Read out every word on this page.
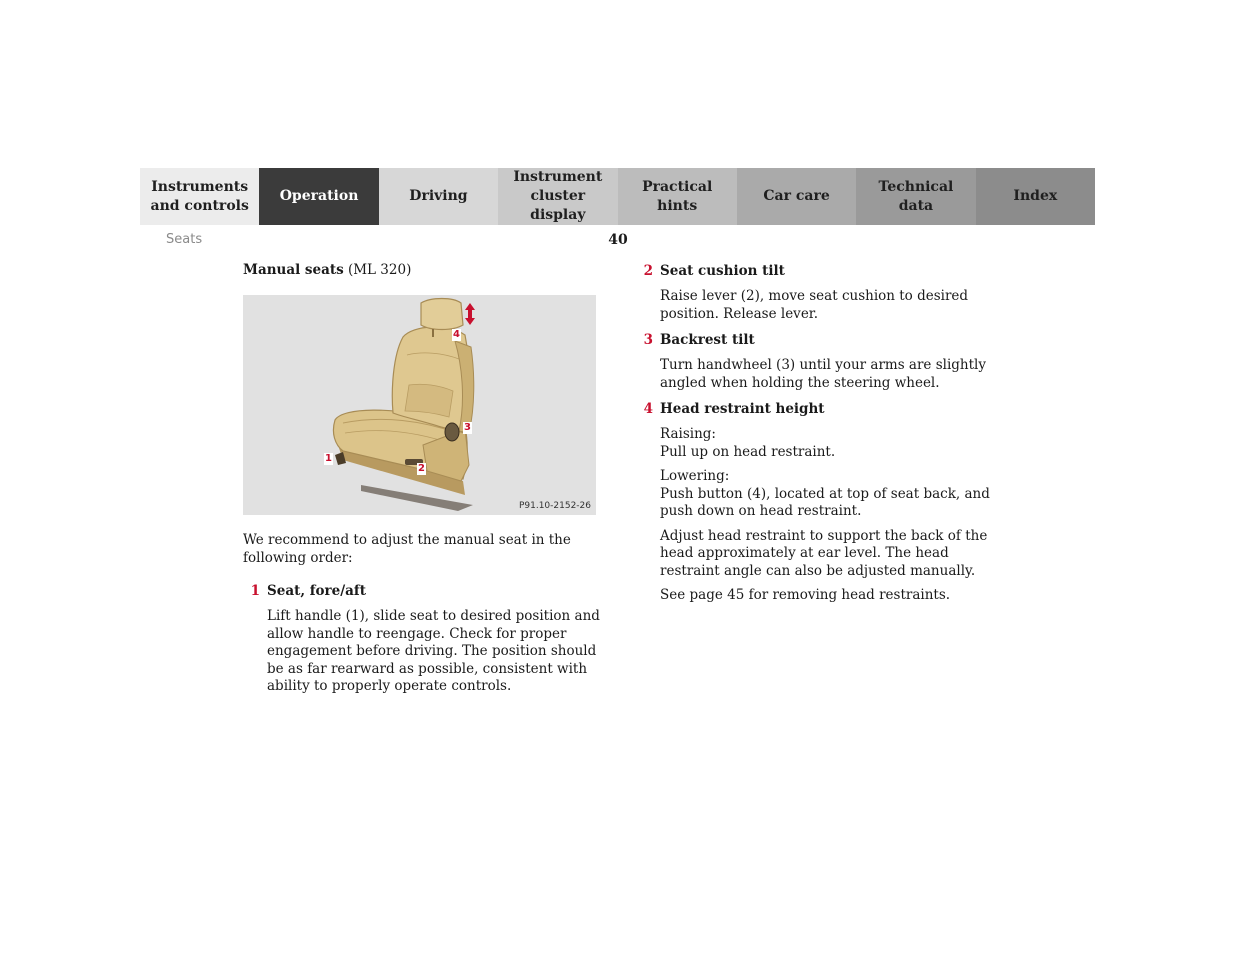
Instruments
and controls
Operation	Driving
Instrument
cluster display
Practical hints
Car care
Technical
data
Index
Seats	40
Manual seats (ML 320)
1
2
3
4
P91.10-2152-26
We recommend to adjust the manual seat in the following order:
1 Seat, fore/aft

Lift handle (1), slide seat to desired position and allow handle to reengage. Check for proper engagement before driving. The position should be as far rearward as possible, consistent with ability to properly operate controls.

2 Seat cushion tilt

Raise lever (2), move seat cushion to desired position. Release lever.

3 Backrest tilt

Turn handwheel (3) until your arms are slightly angled when holding the steering wheel.

4 Head restraint height

Raising:
Pull up on head restraint.

Lowering:
Push button (4), located at top of seat back, and push down on head restraint.

Adjust head restraint to support the back of the head approximately at ear level. The head restraint angle can also be adjusted manually.

See page 45 for removing head restraints.
